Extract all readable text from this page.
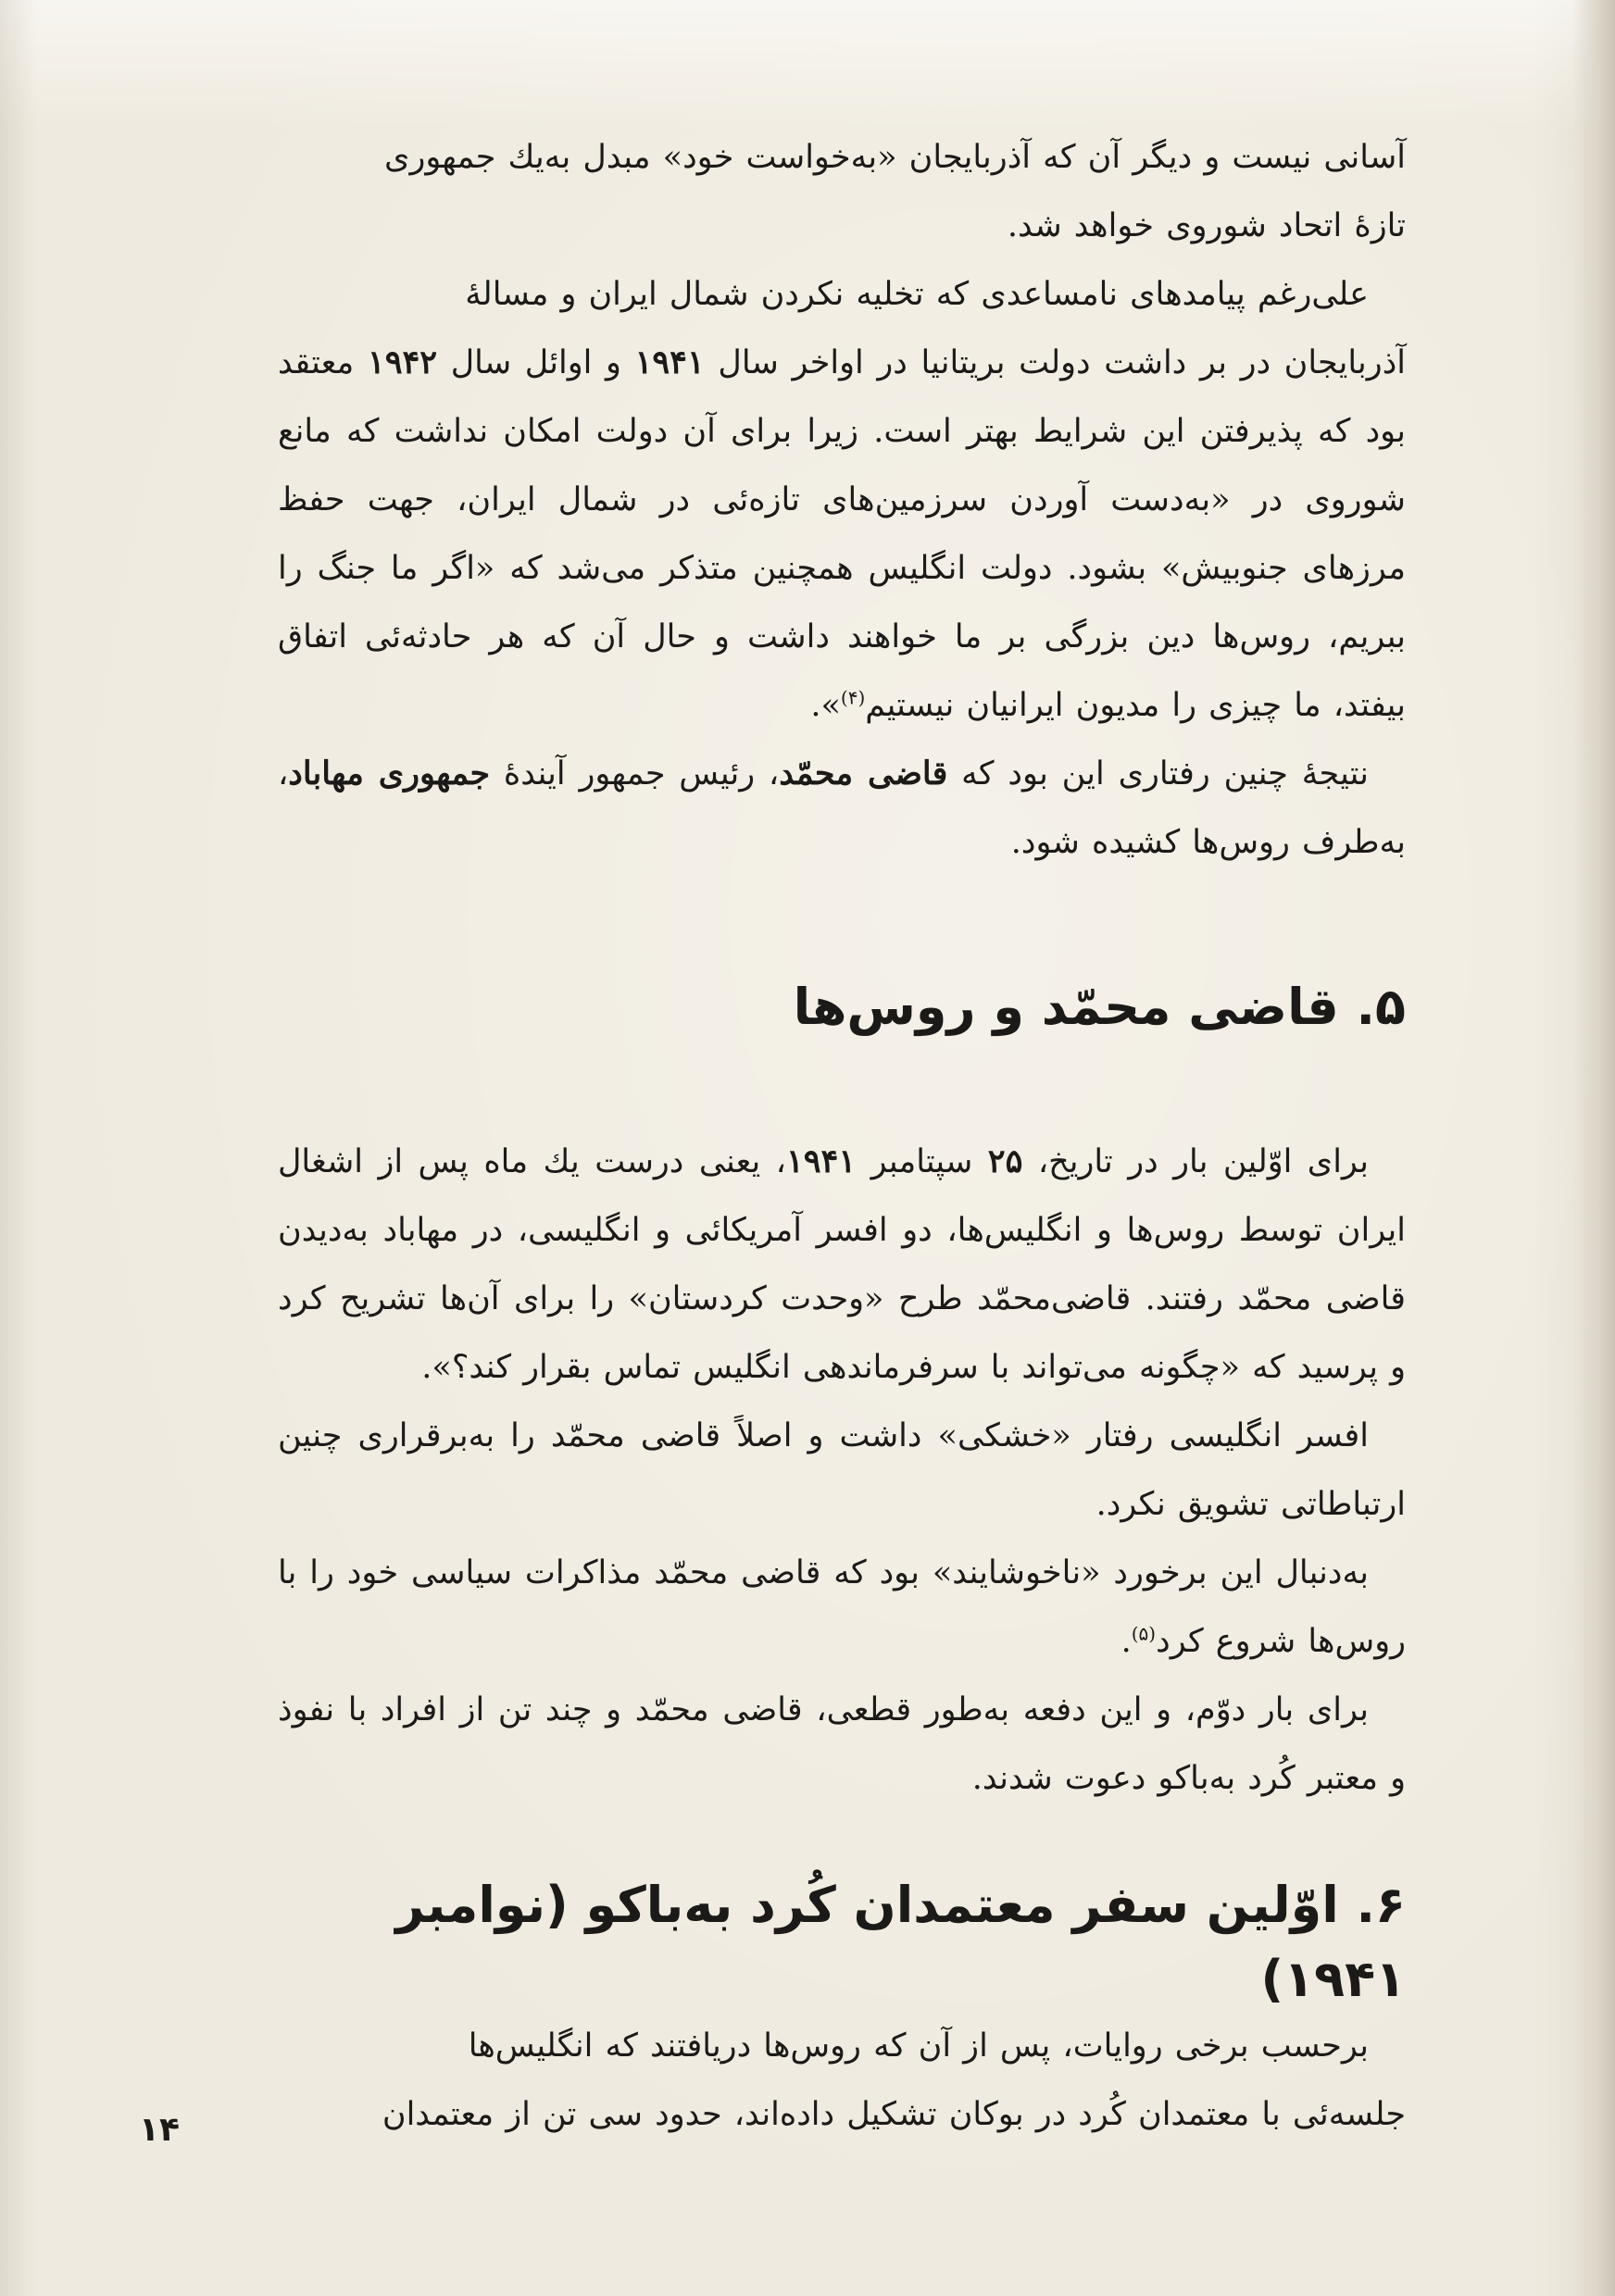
آسانی نیست و دیگر آن که آذربایجان «به‌خواست خود» مبدل به‌یك جمهوری
تازهٔ اتحاد شوروی خواهد شد.

علی‌رغم پیامدهای نامساعدی که تخلیه نکردن شمال ایران و مسالهٔ
آذربایجان در بر داشت دولت بریتانیا در اواخر سال ۱۹۴۱ و اوائل سال ۱۹۴۲ معتقد بود که پذیرفتن این شرایط بهتر است. زیرا برای آن دولت امکان نداشت که مانع شوروی در «به‌دست آوردن سرزمین‌های تازه‌ئی در شمال ایران، جهت حفظ مرزهای جنوبیش» بشود. دولت انگلیس همچنین متذکر می‌شد که «اگر ما جنگ را ببریم، روس‌ها دین بزرگی بر ما خواهند داشت و حال آن که هر حادثه‌ئی اتفاق بیفتد، ما چیزی را مدیون ایرانیان نیستیم$^{(۴)}$».

نتیجهٔ چنین رفتاری این بود که قاضی محمّد، رئیس جمهور آیندهٔ جمهوری مهاباد، به‌طرف روس‌ها کشیده شود.

۵. قاضی محمّد و روس‌ها

برای اوّلین بار در تاریخ، ۲۵ سپتامبر ۱۹۴۱، یعنی درست یك ماه پس از اشغال ایران توسط روس‌ها و انگلیس‌ها، دو افسر آمریکائی و انگلیسی، در مهاباد به‌دیدن قاضی محمّد رفتند. قاضی‌محمّد طرح «وحدت کردستان» را برای آن‌ها تشریح کرد و پرسید که «چگونه می‌تواند با سرفرماندهی انگلیس تماس بقرار کند؟».

افسر انگلیسی رفتار «خشکی» داشت و اصلاً قاضی محمّد را به‌برقراری چنین ارتباطاتی تشویق نکرد.

به‌دنبال این برخورد «ناخوشایند» بود که قاضی محمّد مذاکرات سیاسی خود را با روس‌ها شروع کرد$^{(۵)}$.

برای بار دوّم، و این دفعه به‌طور قطعی، قاضی محمّد و چند تن از افراد با نفوذ و معتبر کُرد به‌باکو دعوت شدند.

۶. اوّلین سفر معتمدان کُرد به‌باکو (نوامبر ۱۹۴۱)

برحسب برخی روایات، پس از آن که روس‌ها دریافتند که انگلیس‌ها
جلسه‌ئی با معتمدان کُرد در بوکان تشکیل داده‌اند، حدود سی تن از معتمدان

۱۴
